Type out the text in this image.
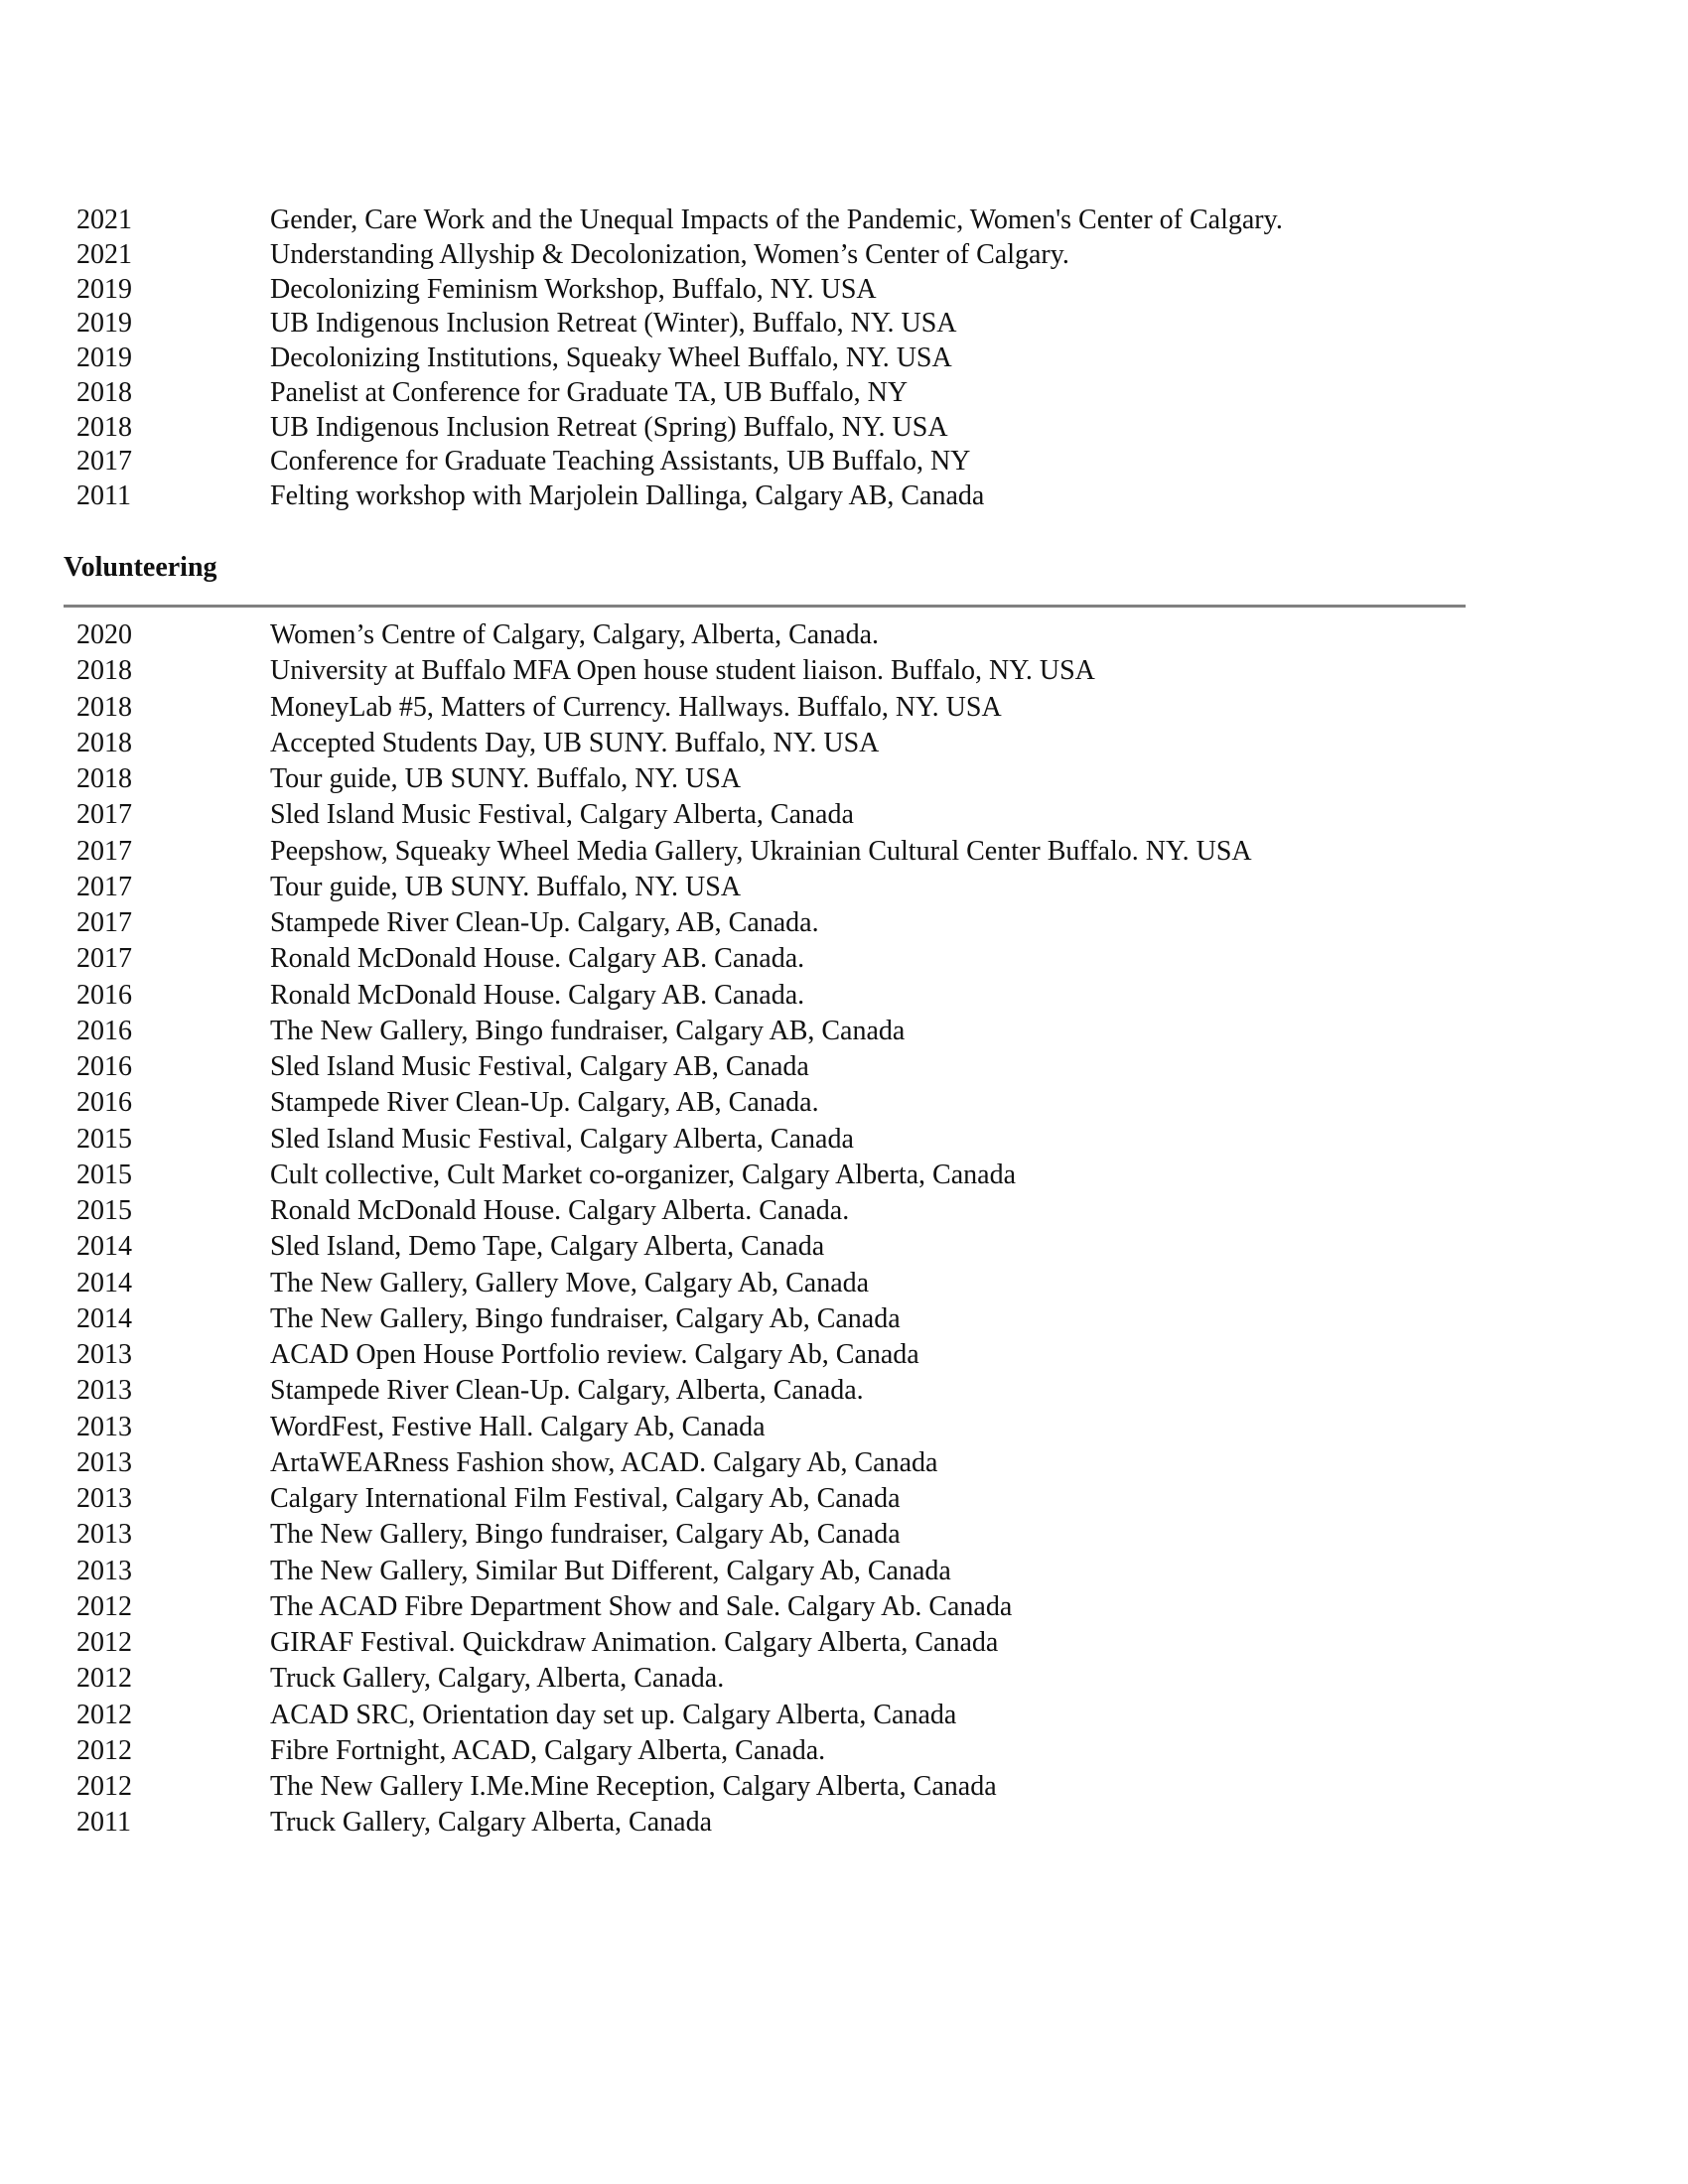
2021	Gender, Care Work and the Unequal Impacts of the Pandemic, Women's Center of Calgary.
2021	Understanding Allyship & Decolonization, Women’s Center of Calgary.
2019	Decolonizing Feminism Workshop, Buffalo, NY. USA
2019	UB Indigenous Inclusion Retreat (Winter), Buffalo, NY. USA
2019	Decolonizing Institutions, Squeaky Wheel Buffalo, NY. USA
2018	Panelist at Conference for Graduate TA, UB Buffalo, NY
2018	UB Indigenous Inclusion Retreat (Spring) Buffalo, NY. USA
2017	Conference for Graduate Teaching Assistants, UB Buffalo, NY
2011	Felting workshop with Marjolein Dallinga, Calgary AB, Canada
Volunteering
2020	Women’s Centre of Calgary, Calgary, Alberta, Canada.
2018	University at Buffalo MFA Open house student liaison. Buffalo, NY. USA
2018	MoneyLab #5, Matters of Currency. Hallways. Buffalo, NY. USA
2018	Accepted Students Day, UB SUNY. Buffalo, NY. USA
2018	Tour guide, UB SUNY. Buffalo, NY. USA
2017	Sled Island Music Festival, Calgary Alberta, Canada
2017	Peepshow, Squeaky Wheel Media Gallery, Ukrainian Cultural Center Buffalo. NY. USA
2017	Tour guide, UB SUNY. Buffalo, NY. USA
2017	Stampede River Clean-Up. Calgary, AB, Canada.
2017	Ronald McDonald House. Calgary AB. Canada.
2016	Ronald McDonald House. Calgary AB. Canada.
2016	The New Gallery, Bingo fundraiser, Calgary AB, Canada
2016	Sled Island Music Festival, Calgary AB, Canada
2016	Stampede River Clean-Up. Calgary, AB, Canada.
2015	Sled Island Music Festival, Calgary Alberta, Canada
2015	Cult collective, Cult Market co-organizer, Calgary Alberta, Canada
2015	Ronald McDonald House. Calgary Alberta. Canada.
2014	Sled Island, Demo Tape, Calgary Alberta, Canada
2014	The New Gallery, Gallery Move, Calgary Ab, Canada
2014	The New Gallery, Bingo fundraiser, Calgary Ab, Canada
2013	ACAD Open House Portfolio review. Calgary Ab, Canada
2013	Stampede River Clean-Up. Calgary, Alberta, Canada.
2013	WordFest, Festive Hall. Calgary Ab, Canada
2013	ArtaWEARness Fashion show, ACAD. Calgary Ab, Canada
2013	Calgary International Film Festival, Calgary Ab, Canada
2013	The New Gallery, Bingo fundraiser, Calgary Ab, Canada
2013	The New Gallery, Similar But Different, Calgary Ab, Canada
2012	The ACAD Fibre Department Show and Sale. Calgary Ab. Canada
2012	GIRAF Festival. Quickdraw Animation. Calgary Alberta, Canada
2012	Truck Gallery, Calgary, Alberta, Canada.
2012	ACAD SRC, Orientation day set up. Calgary Alberta, Canada
2012	Fibre Fortnight, ACAD, Calgary Alberta, Canada.
2012	The New Gallery I.Me.Mine Reception, Calgary Alberta, Canada
2011	Truck Gallery, Calgary Alberta, Canada
